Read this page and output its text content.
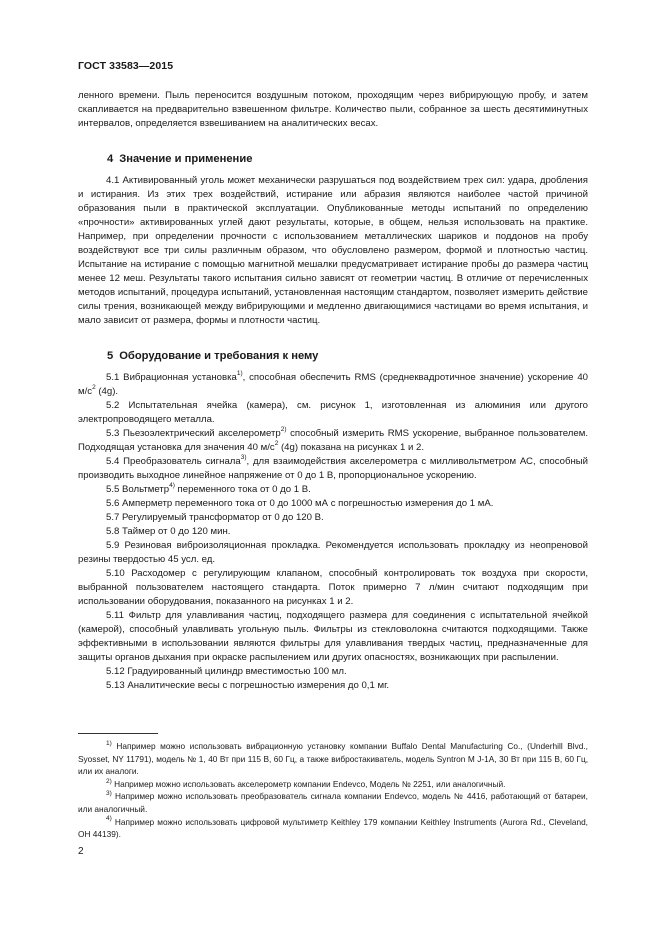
ГОСТ 33583—2015

ленного времени. Пыль переносится воздушным потоком, проходящим через вибрирующую пробу, и затем скапливается на предварительно взвешенном фильтре. Количество пыли, собранное за шесть десятиминутных интервалов, определяется взвешиванием на аналитических весах.

4 Значение и применение

4.1 Активированный уголь может механически разрушаться под воздействием трех сил: удара, дробления и истирания. Из этих трех воздействий, истирание или абразия являются наиболее частой причиной образования пыли в практической эксплуатации. Опубликованные методы испытаний по определению «прочности» активированных углей дают результаты, которые, в общем, нельзя использовать на практике. Например, при определении прочности с использованием металлических шариков и поддонов на пробу воздействуют все три силы различным образом, что обусловлено размером, формой и плотностью частиц. Испытание на истирание с помощью магнитной мешалки предусматривает истирание пробы до размера частиц менее 12 меш. Результаты такого испытания сильно зависят от геометрии частиц. В отличие от перечисленных методов испытаний, процедура испытаний, установленная настоящим стандартом, позволяет измерить действие силы трения, возникающей между вибрирующими и медленно двигающимися частицами во время испытания, и мало зависит от размера, формы и плотности частиц.

5 Оборудование и требования к нему

5.1 Вибрационная установка$^{1)}$, способная обеспечить RMS (среднеквадротичное значение) ускорение 40 $м/с^2$ (4g).

5.2 Испытательная ячейка (камера), см. рисунок 1, изготовленная из алюминия или другого электропроводящего металла.

5.3 Пьезоэлектрический акселерометр$^{2)}$ способный измерить RMS ускорение, выбранное пользователем. Подходящая установка для значения 40 $м/с^2$ (4g) показана на рисунках 1 и 2.

5.4 Преобразователь сигнала$^{3)}$, для взаимодействия акселерометра с милливольтметром АС, способный производить выходное линейное напряжение от 0 до 1 В, пропорциональное ускорению.

5.5 Вольтметр$^{4)}$ переменного тока от 0 до 1 В.

5.6 Амперметр переменного тока от 0 до 1000 мА с погрешностью измерения до 1 мА.

5.7 Регулируемый трансформатор от 0 до 120 В.

5.8 Таймер от 0 до 120 мин.

5.9 Резиновая виброизоляционная прокладка. Рекомендуется использовать прокладку из неопреновой резины твердостью 45 усл. ед.

5.10 Расходомер с регулирующим клапаном, способный контролировать ток воздуха при скорости, выбранной пользователем настоящего стандарта. Поток примерно 7 л/мин считают подходящим при использовании оборудования, показанного на рисунках 1 и 2.

5.11 Фильтр для улавливания частиц, подходящего размера для соединения с испытательной ячейкой (камерой), способный улавливать угольную пыль. Фильтры из стекловолокна считаются подходящими. Также эффективными в использовании являются фильтры для улавливания твердых частиц, предназначенные для защиты органов дыхания при окраске распылением или других опасностях, возникающих при распылении.

5.12 Градуированный цилиндр вместимостью 100 мл.

5.13 Аналитические весы с погрешностью измерения до 0,1 мг.

$^{1)}$ Например можно использовать вибрационную установку компании Buffalo Dental Manufacturing Co., (Underhill Blvd., Syosset, NY 11791), модель № 1, 40 Вт при 115 В, 60 Гц, а также вибростакиватель, модель Syntron M J-1A, 30 Вт при 115 В, 60 Гц, или их аналоги.

$^{2)}$ Например можно использовать акселерометр компании Endevco, Модель № 2251, или аналогичный.

$^{3)}$ Например можно использовать преобразователь сигнала компании Endevco, модель № 4416, работающий от батареи, или аналогичный.

$^{4)}$ Например можно использовать цифровой мультиметр Keithley 179 компании Keithley Instruments (Aurora Rd., Cleveland, OH 44139).

2
